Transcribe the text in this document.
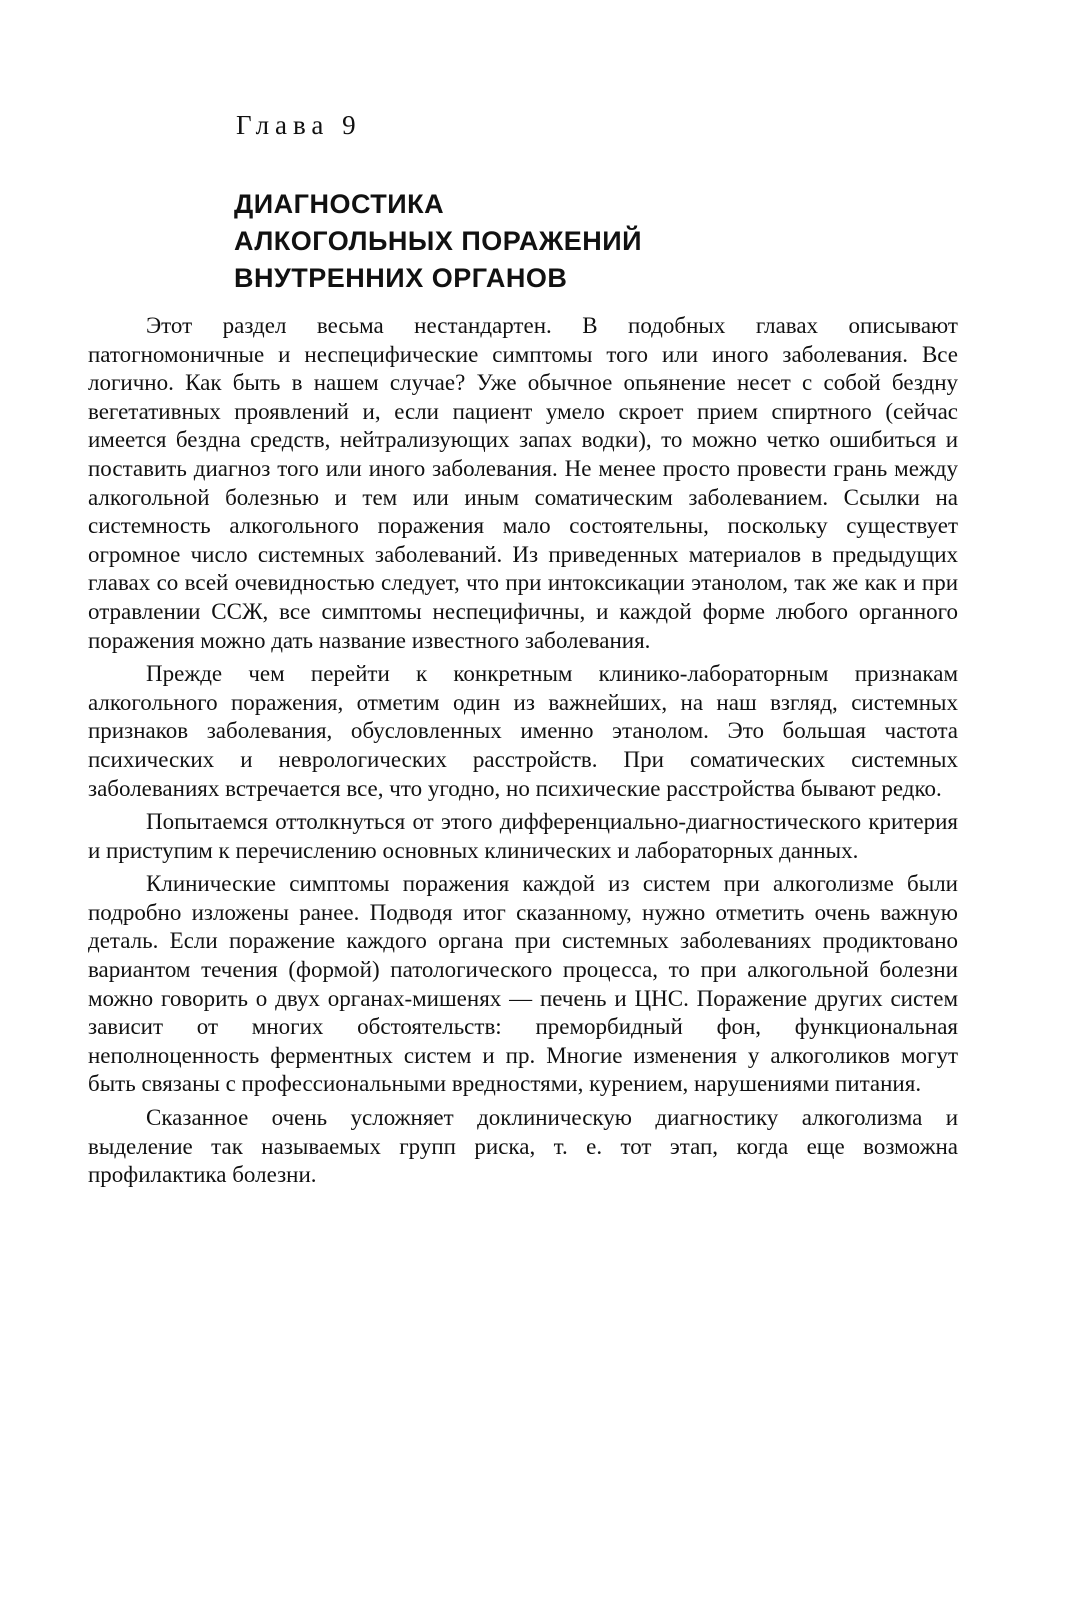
Глава 9
ДИАГНОСТИКА
АЛКОГОЛЬНЫХ ПОРАЖЕНИЙ
ВНУТРЕННИХ ОРГАНОВ

Этот раздел весьма нестандартен. В подобных главах описывают патогномоничные и неспецифические симптомы того или иного заболевания. Все логично. Как быть в нашем случае? Уже обычное опьянение несет с собой бездну вегетативных проявлений и, если пациент умело скроет прием спиртного (сейчас имеется бездна средств, нейтрализующих запах водки), то можно четко ошибиться и поставить диагноз того или иного заболевания. Не менее просто провести грань между алкогольной болезнью и тем или иным соматическим заболеванием. Ссылки на системность алкогольного поражения мало состоятельны, поскольку существует огромное число системных заболеваний. Из приведенных материалов в предыдущих главах со всей очевидностью следует, что при интоксикации этанолом, так же как и при отравлении ССЖ, все симптомы неспецифичны, и каждой форме любого органного поражения можно дать название известного заболевания.

Прежде чем перейти к конкретным клинико-лабораторным признакам алкогольного поражения, отметим один из важнейших, на наш взгляд, системных признаков заболевания, обусловленных именно этанолом. Это большая частота психических и неврологических расстройств. При соматических системных заболеваниях встречается все, что угодно, но психические расстройства бывают редко.

Попытаемся оттолкнуться от этого дифференциально-диагностического критерия и приступим к перечислению основных клинических и лабораторных данных.

Клинические симптомы поражения каждой из систем при алкоголизме были подробно изложены ранее. Подводя итог сказанному, нужно отметить очень важную деталь. Если поражение каждого органа при системных заболеваниях продиктовано вариантом течения (формой) патологического процесса, то при алкогольной болезни можно говорить о двух органах-мишенях — печень и ЦНС. Поражение других систем зависит от многих обстоятельств: преморбидный фон, функциональная неполноценность ферментных систем и пр. Многие изменения у алкоголиков могут быть связаны с профессиональными вредностями, курением, нарушениями питания.

Сказанное очень усложняет доклиническую диагностику алкоголизма и выделение так называемых групп риска, т. е. тот этап, когда еще возможна профилактика болезни.
